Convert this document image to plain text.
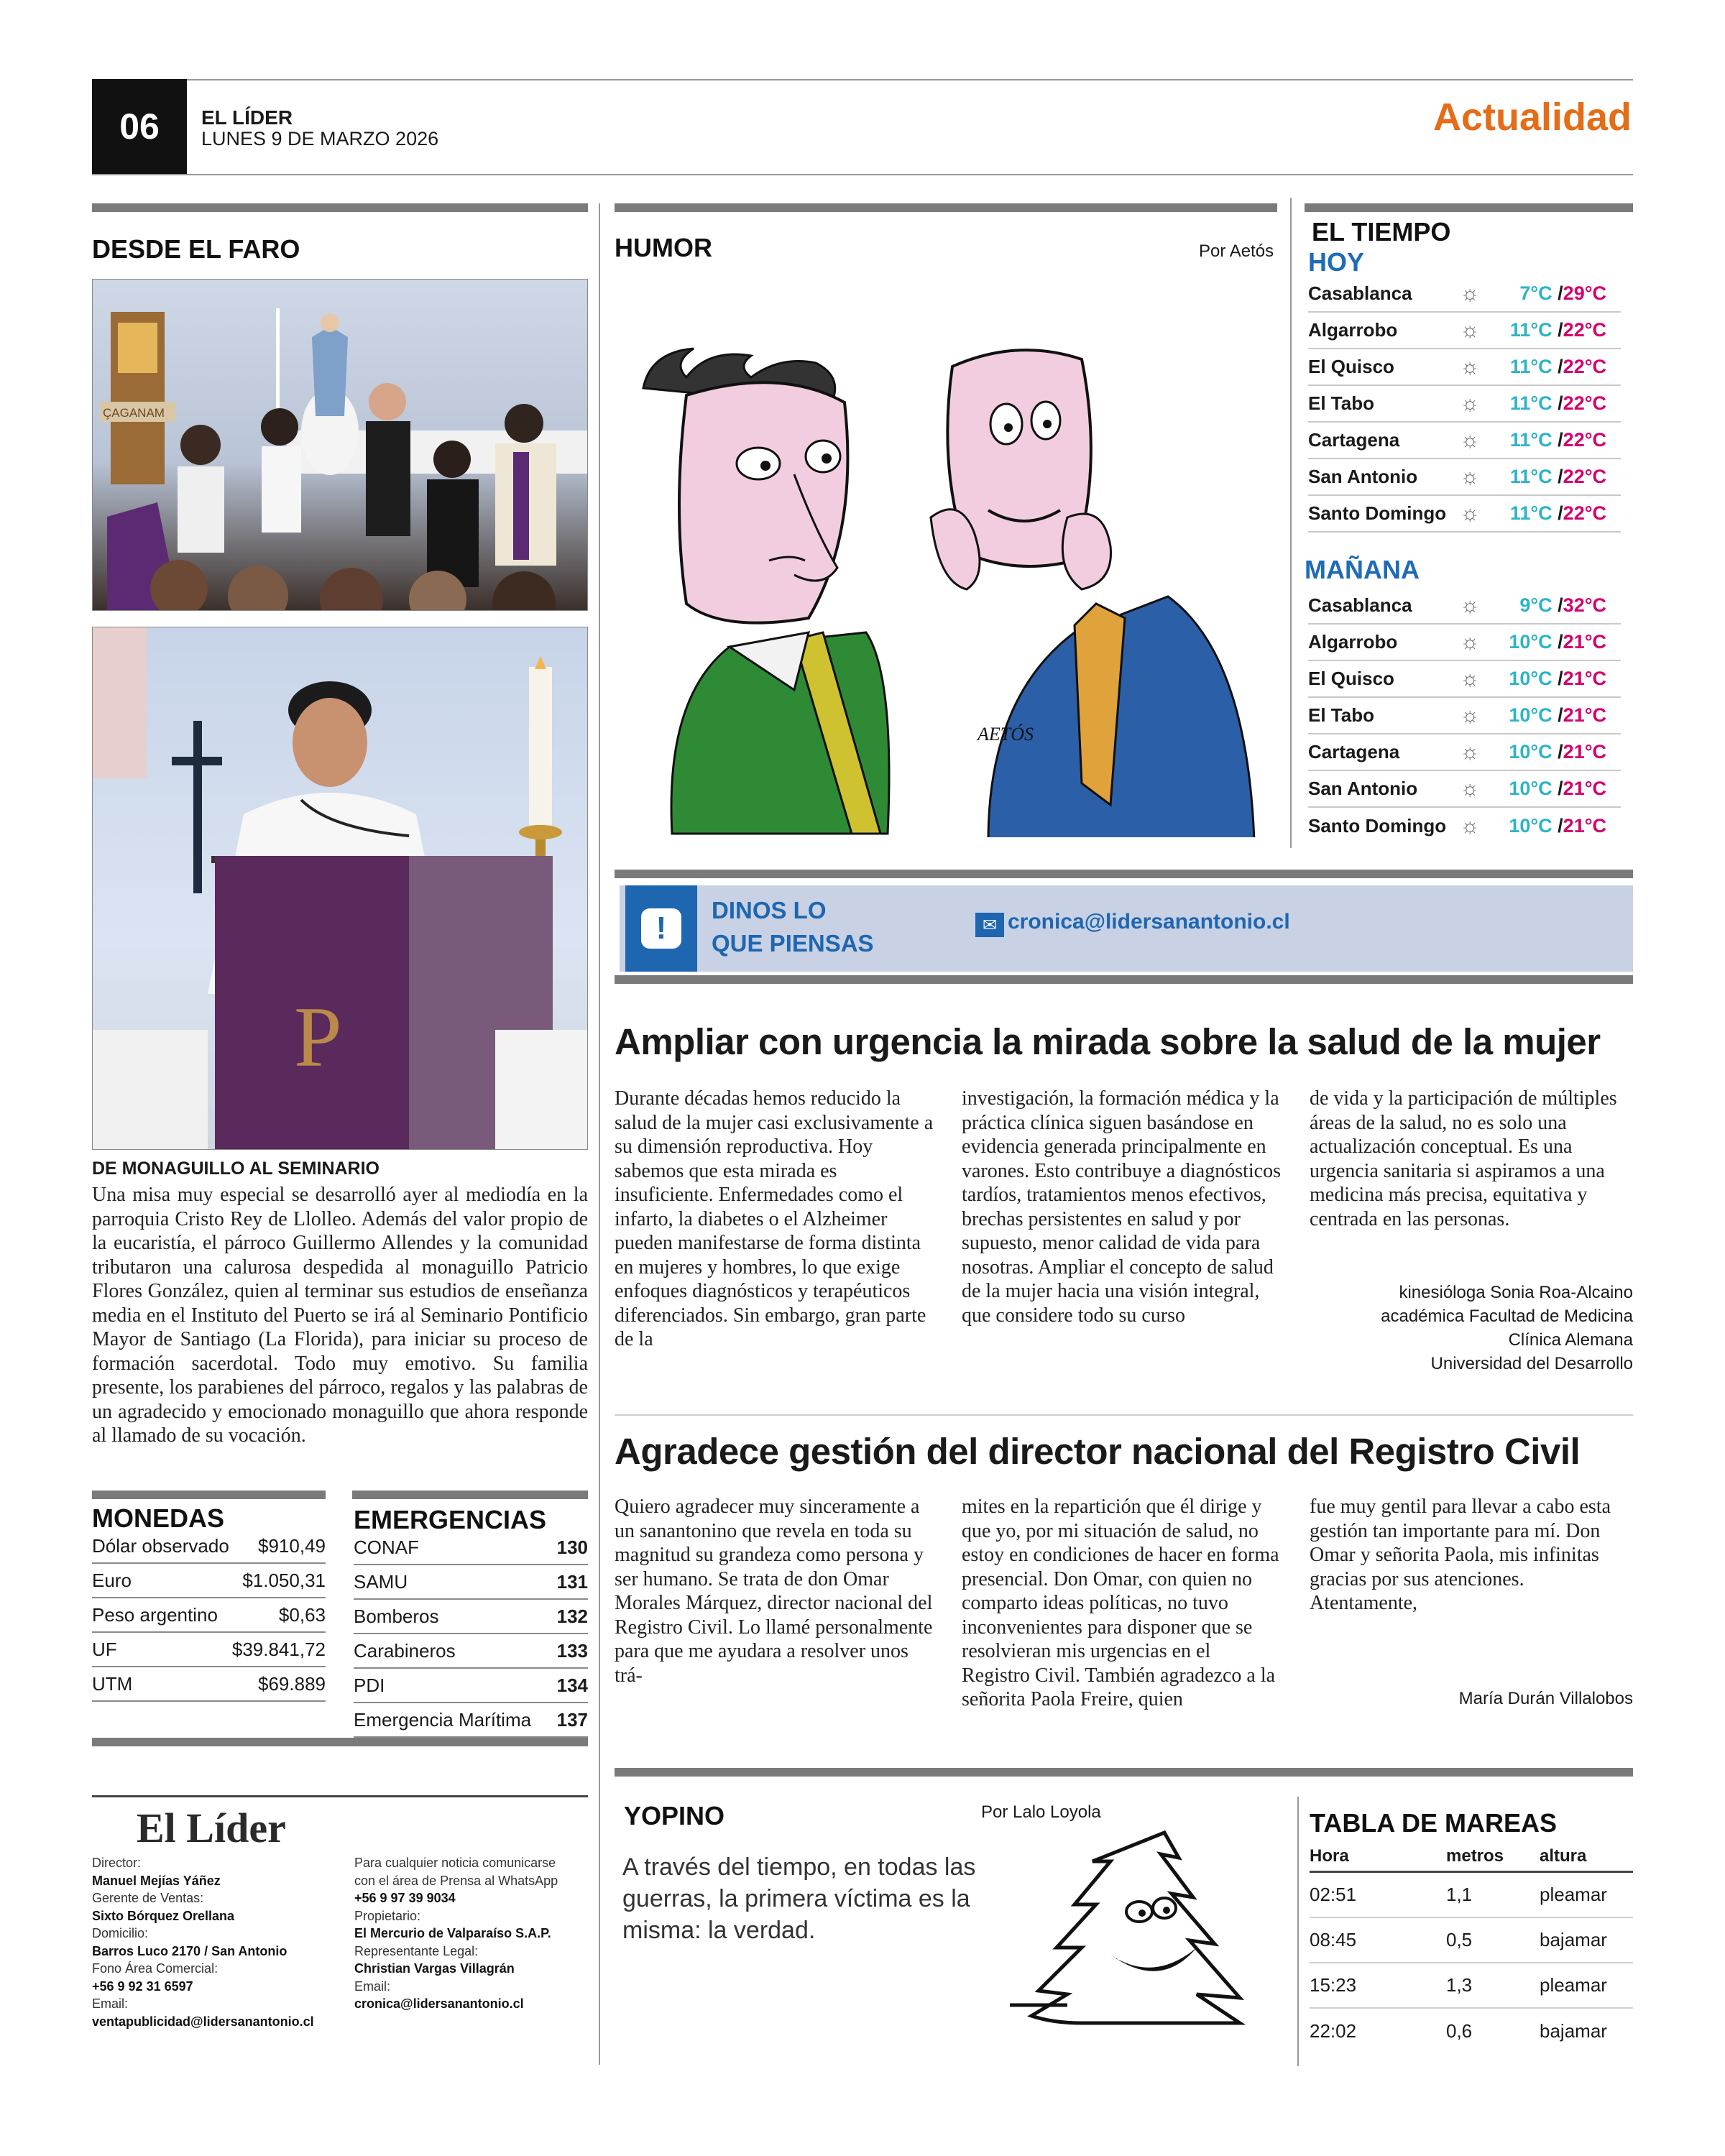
06 EL LÍDER
LUNES 9 DE MARZO 2026	Actualidad
DESDE EL FARO
ÇAGANAM
P
DE MONAGUILLO AL SEMINARIO
Una misa muy especial se desarrolló ayer al mediodía en la parroquia Cristo Rey de Llolleo. Además del valor propio de la eucaristía, el párroco Guillermo Allendes y la comunidad tributaron una calurosa despedida al monaguillo Patricio Flores González, quien al terminar sus estudios de enseñanza media en el Instituto del Puerto se irá al Seminario Pontificio Mayor de Santiago (La Florida), para iniciar su proceso de formación sacerdotal. Todo muy emotivo. Su familia presente, los parabienes del párroco, regalos y las palabras de un agradecido y emocionado monaguillo que ahora responde al llamado de su vocación.
HUMOR	Por Aetós
AETÓS
EL TIEMPO
HOY
Casablanca	☼	7°C /29°C
Algarrobo	☼	11°C /22°C
El Quisco	☼	11°C /22°C
El Tabo	☼	11°C /22°C
Cartagena	☼	11°C /22°C
San Antonio	☼	11°C /22°C
Santo Domingo ☼	11°C /22°C
MAÑANA
Casablanca	☼	9°C /32°C
Algarrobo	☼	10°C /21°C
El Quisco	☼	10°C /21°C
El Tabo	☼	10°C /21°C
Cartagena	☼	10°C /21°C
San Antonio	☼	10°C /21°C
Santo Domingo ☼	10°C /21°C
!
DINOS LO
QUE PIENSAS
✉ cronica@lidersanantonio.cl
Ampliar con urgencia la mirada sobre la salud de la mujer
Durante décadas hemos reducido la salud de la mujer casi exclusivamente a su dimensión reproductiva. Hoy sabemos que esta mirada es insuficiente. Enfermedades como el infarto, la diabetes o el Alzheimer pueden manifestarse de forma distinta en mujeres y hombres, lo que exige enfoques diagnósticos y terapéuticos diferenciados. Sin embargo, gran parte de la
investigación, la formación médica y la práctica clínica siguen basándose en evidencia generada principalmente en varones. Esto contribuye a diagnósticos tardíos, tratamientos menos efectivos, brechas persistentes en salud y por supuesto, menor calidad de vida para nosotras. Ampliar el concepto de salud de la mujer hacia una visión integral, que considere todo su curso
de vida y la participación de múltiples áreas de la salud, no es solo una actualización conceptual. Es una urgencia sanitaria si aspiramos a una medicina más precisa, equitativa y centrada en las personas.
kinesióloga Sonia Roa-Alcaino
académica Facultad de Medicina
Clínica Alemana
Universidad del Desarrollo
Agradece gestión del director nacional del Registro Civil
Quiero agradecer muy sinceramente a un sanantonino que revela en toda su magnitud su grandeza como persona y ser humano. Se trata de don Omar Morales Márquez, director nacional del Registro Civil. Lo llamé personalmente para que me ayudara a resolver unos trá-
mites en la repartición que él dirige y que yo, por mi situación de salud, no estoy en condiciones de hacer en forma presencial. Don Omar, con quien no comparto ideas políticas, no tuvo inconvenientes para disponer que se resolvieran mis urgencias en el Registro Civil. También agradezco a la señorita Paola Freire, quien
fue muy gentil para llevar a cabo esta gestión tan importante para mí. Don Omar y señorita Paola, mis infinitas gracias por sus atenciones. Atentamente,
María Durán Villalobos
MONEDAS
Dólar observado $910,49
Euro	$1.050,31
Peso argentino	$0,63
UF	$39.841,72
UTM	$69.889
EMERGENCIAS
CONAF	130
SAMU	131
Bomberos	132
Carabineros	133
PDI	134
Emergencia Marítima 137
El Líder
Director:
Manuel Mejías Yáñez
Gerente de Ventas:
Sixto Bórquez Orellana
Domicilio:
Barros Luco 2170 / San Antonio
Fono Área Comercial:
+56 9 92 31 6597
Email:
ventapublicidad@lidersanantonio.cl
Para cualquier noticia comunicarse
con el área de Prensa al WhatsApp
+56 9 97 39 9034
Propietario:
El Mercurio de Valparaíso S.A.P.
Representante Legal:
Christian Vargas Villagrán
Email:
cronica@lidersanantonio.cl
YOPINO	Por Lalo Loyola
A través del tiempo, en todas las guerras, la primera víctima es la misma: la verdad.
TABLA DE MAREAS
Hora	metros	altura
02:51	1,1	pleamar
08:45	0,5	bajamar
15:23	1,3	pleamar
22:02	0,6	bajamar
